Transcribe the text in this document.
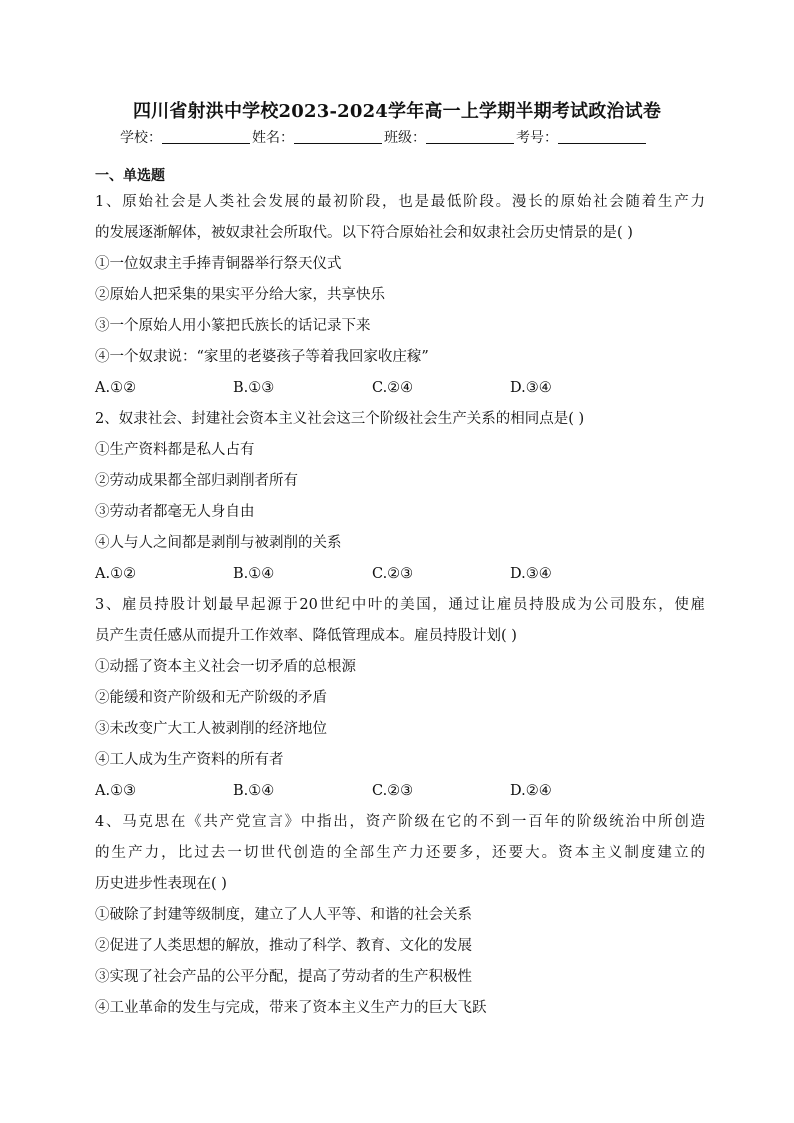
四川省射洪中学校2023-2024学年高一上学期半期考试政治试卷
学校：	姓名：	班级：	考号：
一、单选题
1、原始社会是人类社会发展的最初阶段，也是最低阶段。漫长的原始社会随着生产力
的发展逐渐解体，被奴隶社会所取代。以下符合原始社会和奴隶社会历史情景的是( )
①一位奴隶主手捧青铜器举行祭天仪式
②原始人把采集的果实平分给大家，共享快乐
③一个原始人用小篆把氏族长的话记录下来
④一个奴隶说：“家里的老婆孩子等着我回家收庄稼”
A.①②	B.①③	C.②④	D.③④
2、奴隶社会、封建社会资本主义社会这三个阶级社会生产关系的相同点是( )
①生产资料都是私人占有
②劳动成果都全部归剥削者所有
③劳动者都毫无人身自由
④人与人之间都是剥削与被剥削的关系
A.①②	B.①④	C.②③	D.③④
3、雇员持股计划最早起源于20世纪中叶的美国，通过让雇员持股成为公司股东，使雇
员产生责任感从而提升工作效率、降低管理成本。雇员持股计划( )
①动摇了资本主义社会一切矛盾的总根源
②能缓和资产阶级和无产阶级的矛盾
③未改变广大工人被剥削的经济地位
④工人成为生产资料的所有者
A.①③	B.①④	C.②③	D.②④
4、马克思在《共产党宣言》中指出，资产阶级在它的不到一百年的阶级统治中所创造
的生产力，比过去一切世代创造的全部生产力还要多，还要大。资本主义制度建立的
历史进步性表现在( )
①破除了封建等级制度，建立了人人平等、和谐的社会关系
②促进了人类思想的解放，推动了科学、教育、文化的发展
③实现了社会产品的公平分配，提高了劳动者的生产积极性
④工业革命的发生与完成，带来了资本主义生产力的巨大飞跃
